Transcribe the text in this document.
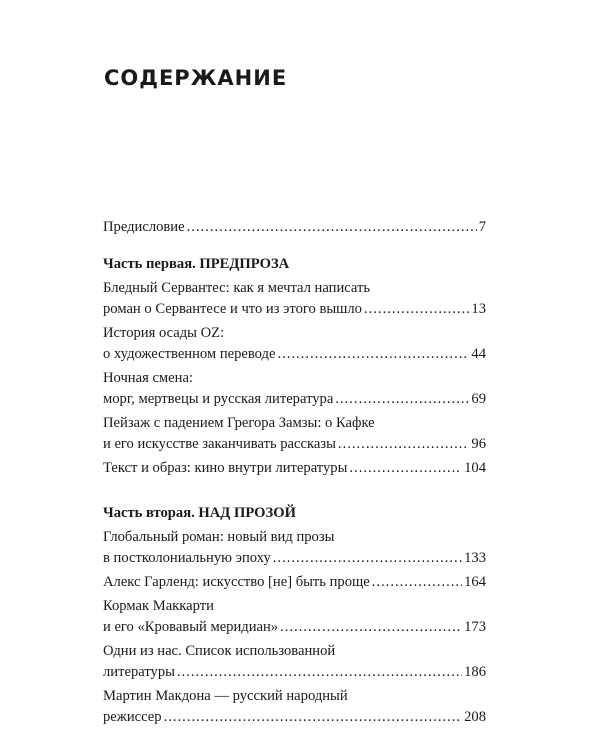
СОДЕРЖАНИЕ
Предисловие .....	7
Часть первая. ПРЕДПРОЗА
Бледный Сервантес: как я мечтал написать
роман о Сервантесе и что из этого вышло .....	13
История осады OZ:
о художественном переводе .....	44
Ночная смена:
морг, мертвецы и русская литература .....	69
Пейзаж с падением Грегора Замзы: о Кафке
и его искусстве заканчивать рассказы .....	96
Текст и образ: кино внутри литературы .....	104
Часть вторая. НАД ПРОЗОЙ
Глобальный роман: новый вид прозы
в постколониальную эпоху .....	133
Алекс Гарленд: искусство [не] быть проще .....	164
Кормак Маккарти
и его «Кровавый меридиан» .....	173
Одни из нас. Список использованной
литературы .....	186
Мартин Макдона — русский народный
режиссер .....	208
